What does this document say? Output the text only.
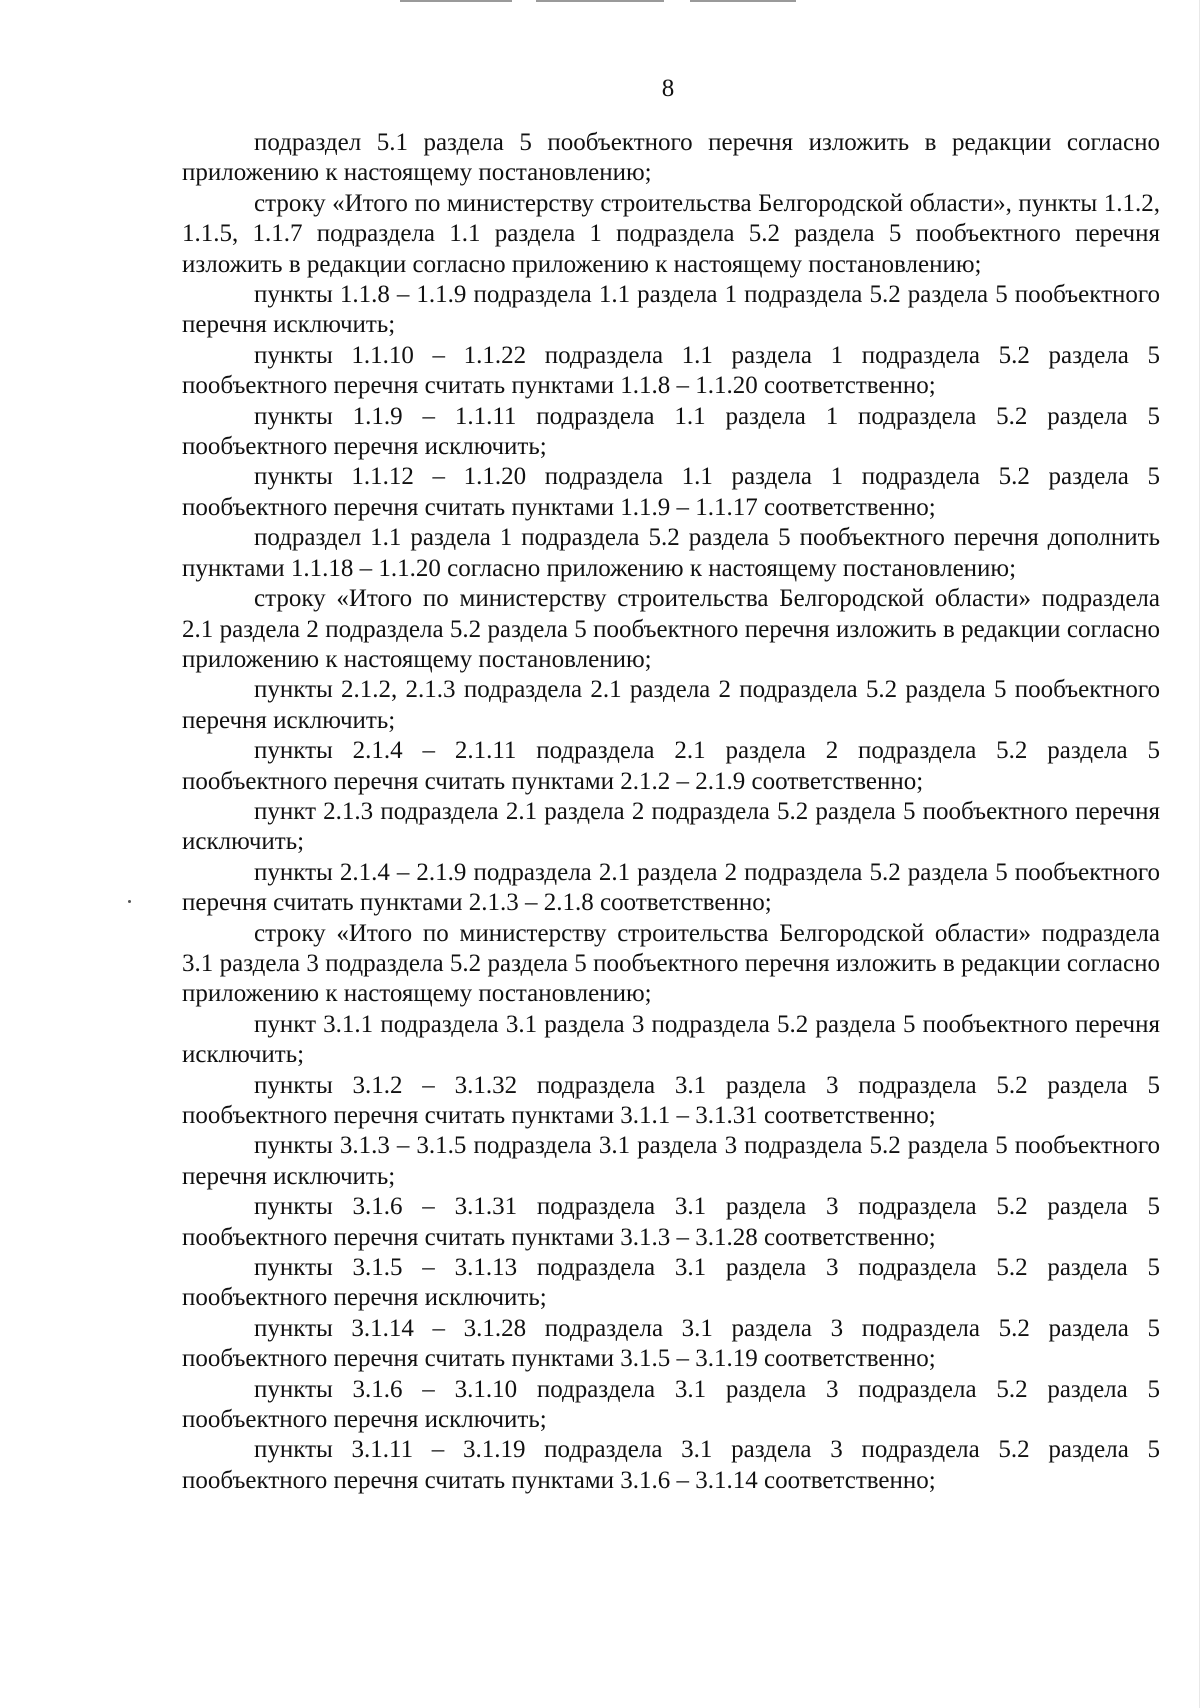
8

подраздел 5.1 раздела 5 пообъектного перечня изложить в редакции согласно приложению к настоящему постановлению;

строку «Итого по министерству строительства Белгородской области», пункты 1.1.2, 1.1.5, 1.1.7 подраздела 1.1 раздела 1 подраздела 5.2 раздела 5 пообъектного перечня изложить в редакции согласно приложению к настоящему постановлению;

пункты 1.1.8 – 1.1.9 подраздела 1.1 раздела 1 подраздела 5.2 раздела 5 пообъектного перечня исключить;

пункты 1.1.10 – 1.1.22 подраздела 1.1 раздела 1 подраздела 5.2 раздела 5 пообъектного перечня считать пунктами 1.1.8 – 1.1.20 соответственно;

пункты 1.1.9 – 1.1.11 подраздела 1.1 раздела 1 подраздела 5.2 раздела 5 пообъектного перечня исключить;

пункты 1.1.12 – 1.1.20 подраздела 1.1 раздела 1 подраздела 5.2 раздела 5 пообъектного перечня считать пунктами 1.1.9 – 1.1.17 соответственно;

подраздел 1.1 раздела 1 подраздела 5.2 раздела 5 пообъектного перечня дополнить пунктами 1.1.18 – 1.1.20 согласно приложению к настоящему постановлению;

строку «Итого по министерству строительства Белгородской области» подраздела 2.1 раздела 2 подраздела 5.2 раздела 5 пообъектного перечня изложить в редакции согласно приложению к настоящему постановлению;

пункты 2.1.2, 2.1.3 подраздела 2.1 раздела 2 подраздела 5.2 раздела 5 пообъектного перечня исключить;

пункты 2.1.4 – 2.1.11 подраздела 2.1 раздела 2 подраздела 5.2 раздела 5 пообъектного перечня считать пунктами 2.1.2 – 2.1.9 соответственно;

пункт 2.1.3 подраздела 2.1 раздела 2 подраздела 5.2 раздела 5 пообъектного перечня исключить;

пункты 2.1.4 – 2.1.9 подраздела 2.1 раздела 2 подраздела 5.2 раздела 5 пообъектного перечня считать пунктами 2.1.3 – 2.1.8 соответственно;

строку «Итого по министерству строительства Белгородской области» подраздела 3.1 раздела 3 подраздела 5.2 раздела 5 пообъектного перечня изложить в редакции согласно приложению к настоящему постановлению;

пункт 3.1.1 подраздела 3.1 раздела 3 подраздела 5.2 раздела 5 пообъектного перечня исключить;

пункты 3.1.2 – 3.1.32 подраздела 3.1 раздела 3 подраздела 5.2 раздела 5 пообъектного перечня считать пунктами 3.1.1 – 3.1.31 соответственно;

пункты 3.1.3 – 3.1.5 подраздела 3.1 раздела 3 подраздела 5.2 раздела 5 пообъектного перечня исключить;

пункты 3.1.6 – 3.1.31 подраздела 3.1 раздела 3 подраздела 5.2 раздела 5 пообъектного перечня считать пунктами 3.1.3 – 3.1.28 соответственно;

пункты 3.1.5 – 3.1.13 подраздела 3.1 раздела 3 подраздела 5.2 раздела 5 пообъектного перечня исключить;

пункты 3.1.14 – 3.1.28 подраздела 3.1 раздела 3 подраздела 5.2 раздела 5 пообъектного перечня считать пунктами 3.1.5 – 3.1.19 соответственно;

пункты 3.1.6 – 3.1.10 подраздела 3.1 раздела 3 подраздела 5.2 раздела 5 пообъектного перечня исключить;

пункты 3.1.11 – 3.1.19 подраздела 3.1 раздела 3 подраздела 5.2 раздела 5 пообъектного перечня считать пунктами 3.1.6 – 3.1.14 соответственно;
